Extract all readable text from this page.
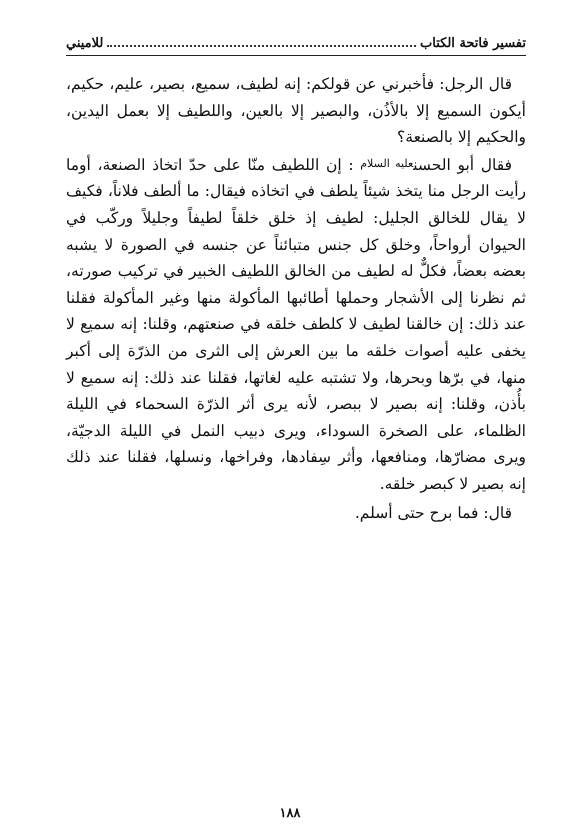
تفسير فاتحة الكتاب
للاميني

قال الرجل: فأخبرني عن قولكم: إنه لطيف، سميع، بصير، عليم، حكيم، أيكون السميع إلا بالأذُن، والبصير إلا بالعين، واللطيف إلا بعمل اليدين، والحكيم إلا بالصنعة؟

فقال أبو الحسنعليه السلام : إن اللطيف منّا على حدّ اتخاذ الصنعة، أوما رأيت الرجل منا يتخذ شيئاً يلطف في اتخاذه فيقال: ما ألطف فلاناً، فكيف لا يقال للخالق الجليل: لطيف إذ خلق خلقاً لطيفاً وجليلاً وركّب في الحيوان أرواحاً، وخلق كل جنس متبائناً عن جنسه في الصورة لا يشبه بعضه بعضاً، فكلٌّ له لطيف من الخالق اللطيف الخبير في تركيب صورته، ثم نظرنا إلى الأشجار وحملها أطائبها المأكولة منها وغير المأكولة فقلنا عند ذلك: إن خالقنا لطيف لا كلطف خلقه في صنعتهم، وقلنا: إنه سميع لا يخفى عليه أصوات خلقه ما بين العرش إلى الثرى من الذرّة إلى أكبر منها، في برّها وبحرها، ولا تشتبه عليه لغاتها، فقلنا عند ذلك: إنه سميع لا بأُذن، وقلنا: إنه بصير لا ببصر، لأنه يرى أثر الذرّة السحماء في الليلة الظلماء، على الصخرة السوداء، ويرى دبيب النمل في الليلة الدجيّة، ويرى مضارّها، ومنافعها، وأثر سِفادها، وفراخها، ونسلها، فقلنا عند ذلك إنه بصير لا كبصر خلقه.

قال: فما برح حتى أسلم.

١٨٨
